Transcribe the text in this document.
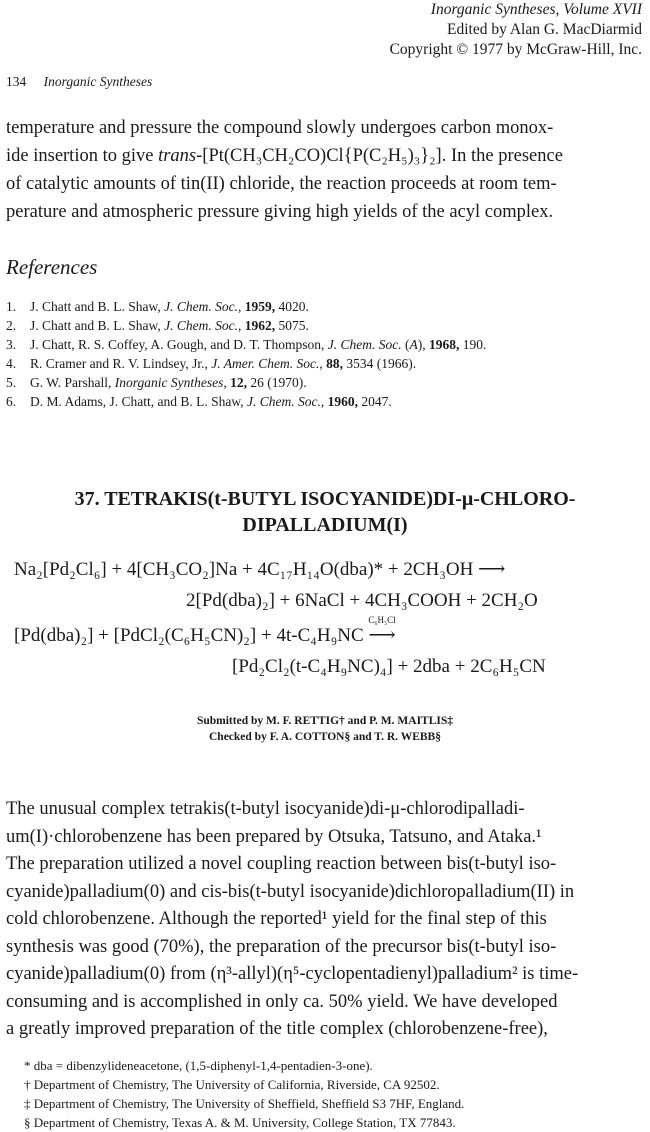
Inorganic Syntheses, Volume XVII
Edited by Alan G. MacDiarmid
Copyright © 1977 by McGraw-Hill, Inc.
134 Inorganic Syntheses
temperature and pressure the compound slowly undergoes carbon monox-
ide insertion to give trans-[Pt(CH₃CH₂CO)Cl{P(C₂H₅)₃}₂]. In the presence
of catalytic amounts of tin(II) chloride, the reaction proceeds at room tem-
perature and atmospheric pressure giving high yields of the acyl complex.
References
1. J. Chatt and B. L. Shaw, J. Chem. Soc., 1959, 4020.
2. J. Chatt and B. L. Shaw, J. Chem. Soc., 1962, 5075.
3. J. Chatt, R. S. Coffey, A. Gough, and D. T. Thompson, J. Chem. Soc. (A), 1968, 190.
4. R. Cramer and R. V. Lindsey, Jr., J. Amer. Chem. Soc., 88, 3534 (1966).
5. G. W. Parshall, Inorganic Syntheses, 12, 26 (1970).
6. D. M. Adams, J. Chatt, and B. L. Shaw, J. Chem. Soc., 1960, 2047.
37. TETRAKIS(t-BUTYL ISOCYANIDE)DI-μ-CHLORO-
DIPALLADIUM(I)
Na₂[Pd₂Cl₆] + 4[CH₃CO₂]Na + 4C₁₇H₁₄O(dba)* + 2CH₃OH ⟶
2[Pd(dba)₂] + 6NaCl + 4CH₃COOH + 2CH₂O
[Pd(dba)₂] + [PdCl₂(C₆H₅CN)₂] + 4t-C₄H₉NC
C₆H₅Cl
⟶
[Pd₂Cl₂(t-C₄H₉NC)₄] + 2dba + 2C₆H₅CN
Submitted by M. F. RETTIG† and P. M. MAITLIS‡
Checked by F. A. COTTON§ and T. R. WEBB§
The unusual complex tetrakis(t-butyl isocyanide)di-μ-chlorodipalladi-
um(I)·chlorobenzene has been prepared by Otsuka, Tatsuno, and Ataka.¹
The preparation utilized a novel coupling reaction between bis(t-butyl iso-
cyanide)palladium(0) and cis-bis(t-butyl isocyanide)dichloropalladium(II) in
cold chlorobenzene. Although the reported¹ yield for the final step of this
synthesis was good (70%), the preparation of the precursor bis(t-butyl iso-
cyanide)palladium(0) from (η³-allyl)(η⁵-cyclopentadienyl)palladium² is time-
consuming and is accomplished in only ca. 50% yield. We have developed
a greatly improved preparation of the title complex (chlorobenzene-free),
* dba = dibenzylideneacetone, (1,5-diphenyl-1,4-pentadien-3-one).
† Department of Chemistry, The University of California, Riverside, CA 92502.
‡ Department of Chemistry, The University of Sheffield, Sheffield S3 7HF, England.
§ Department of Chemistry, Texas A. & M. University, College Station, TX 77843.
